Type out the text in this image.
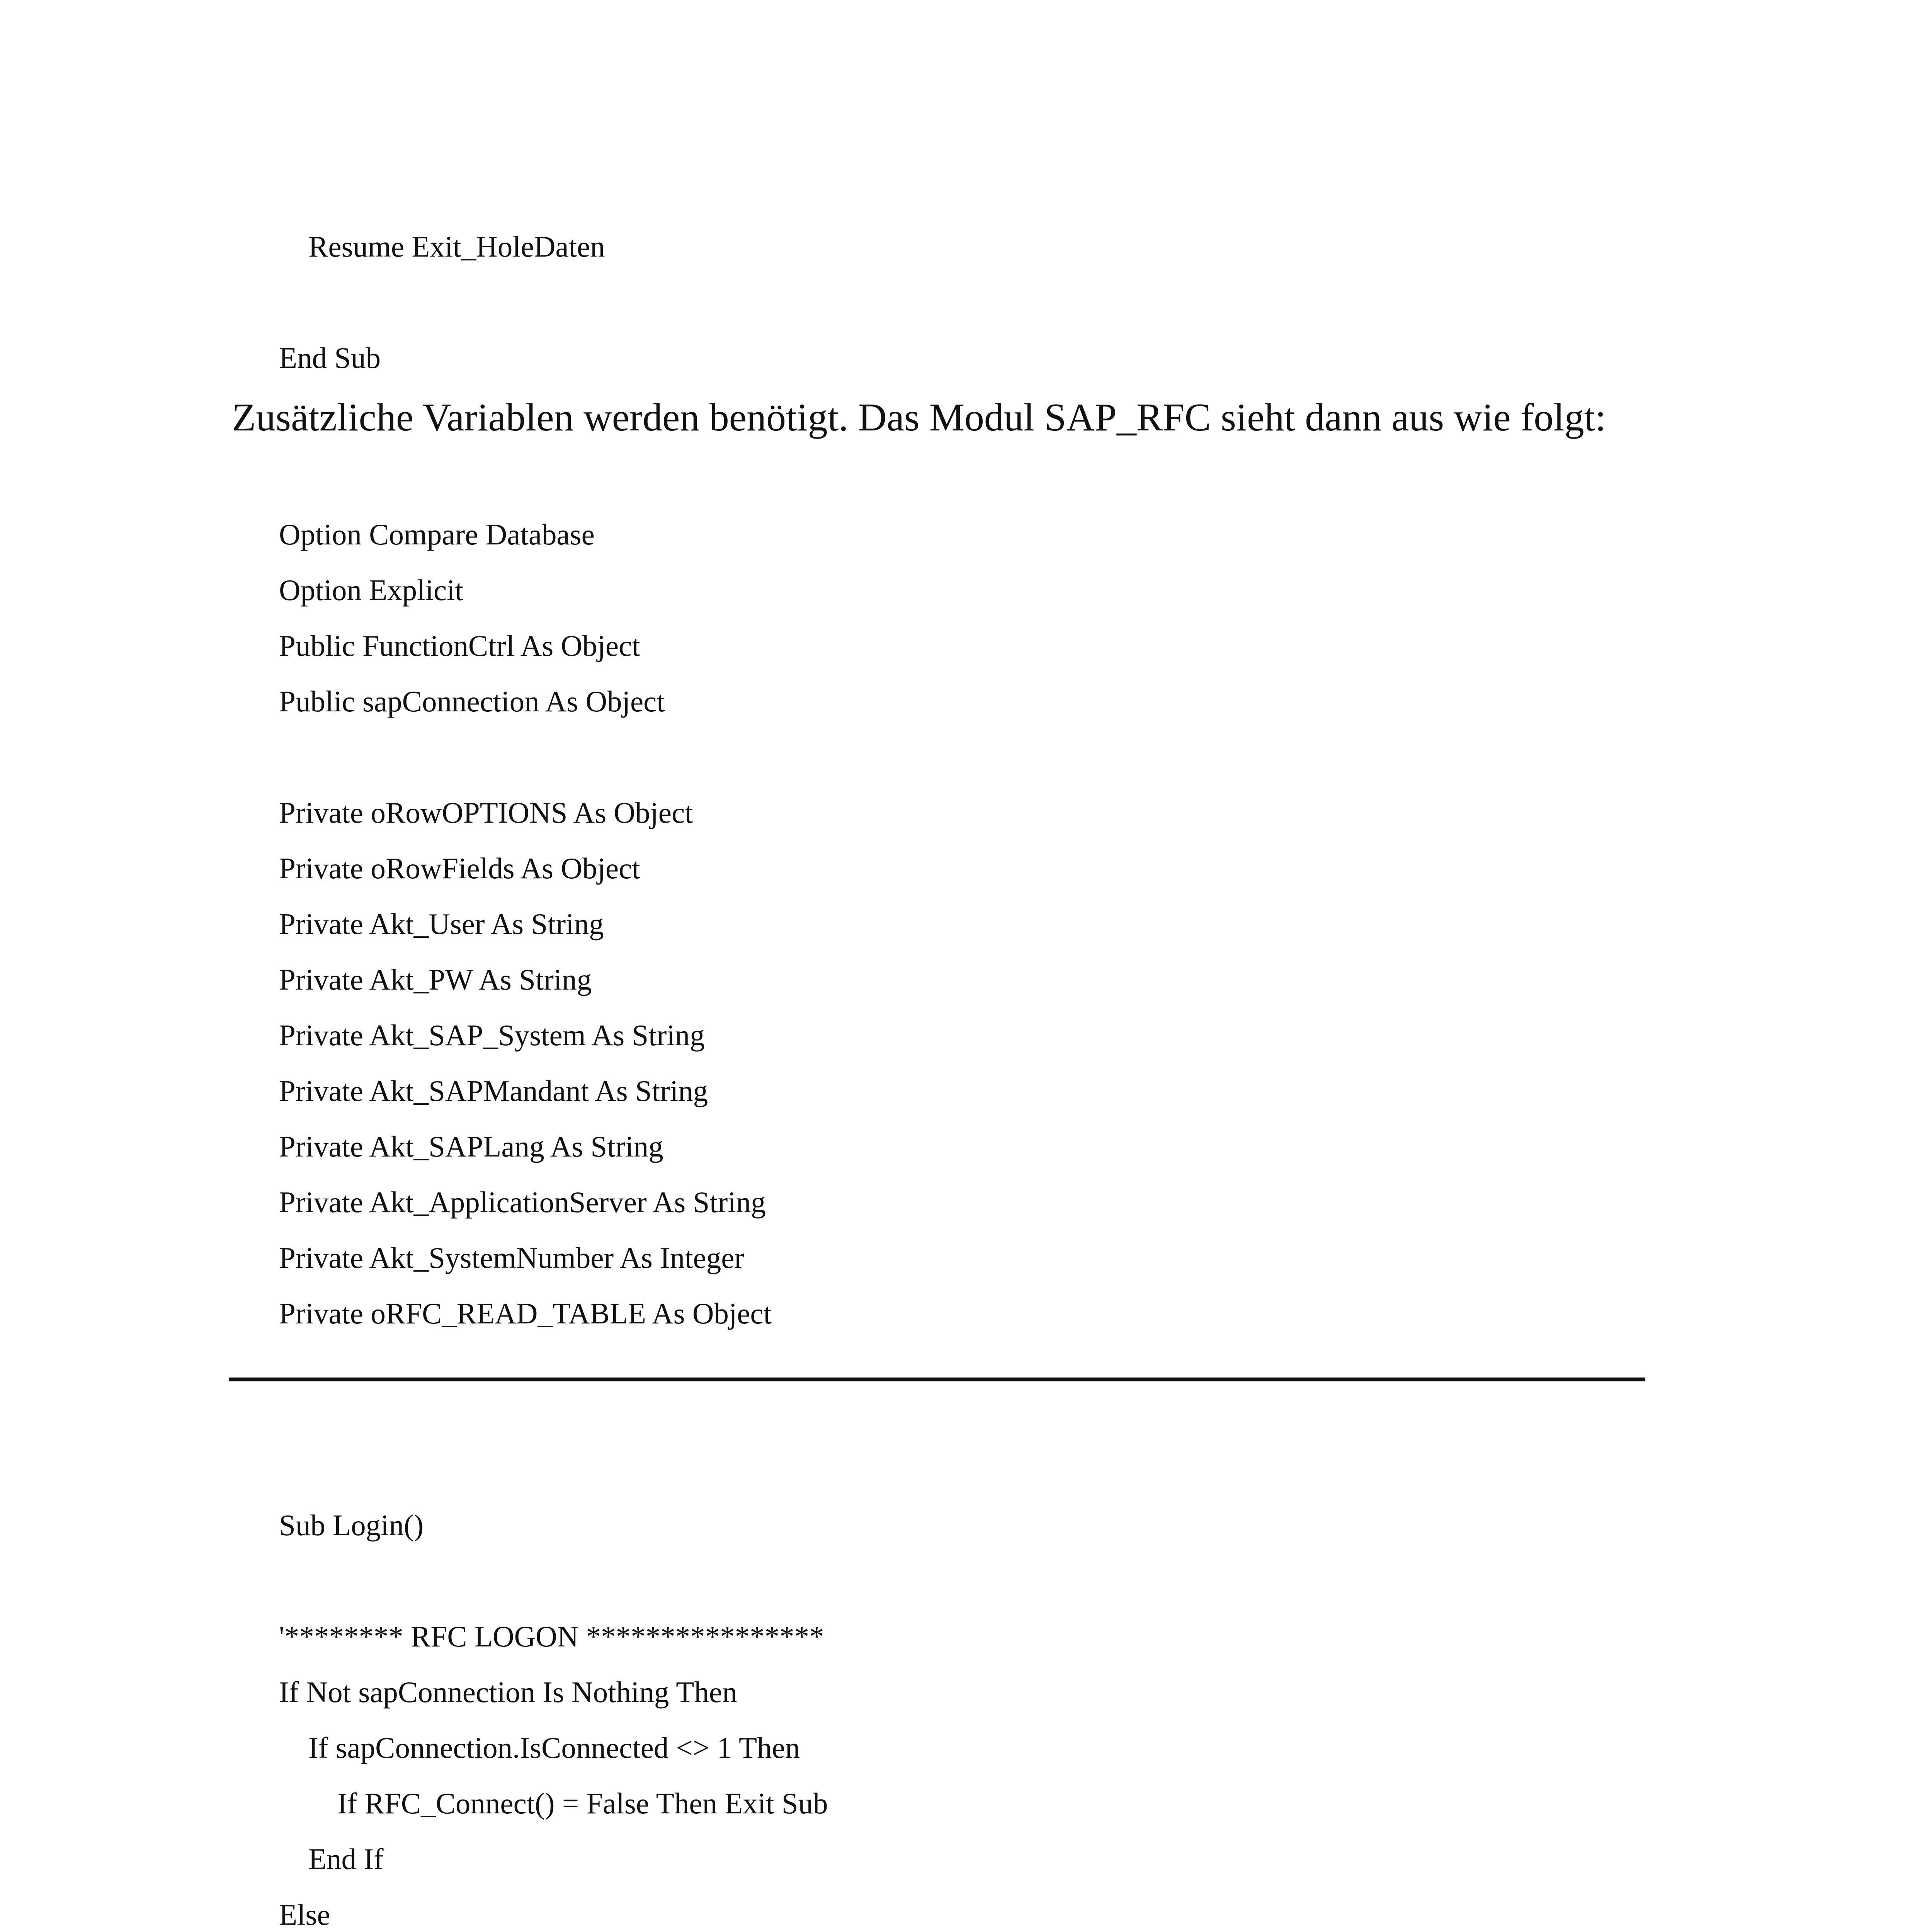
Resume Exit_HoleDaten
End Sub
Zusätzliche Variablen werden benötigt. Das Modul SAP_RFC sieht dann aus wie folgt:
Option Compare Database
Option Explicit
Public FunctionCtrl As Object
Public sapConnection As Object
Private oRowOPTIONS As Object
Private oRowFields As Object
Private Akt_User As String
Private Akt_PW As String
Private Akt_SAP_System As String
Private Akt_SAPMandant As String
Private Akt_SAPLang As String
Private Akt_ApplicationServer As String
Private Akt_SystemNumber As Integer
Private oRFC_READ_TABLE As Object
Sub Login()
'******** RFC LOGON ****************
If Not sapConnection Is Nothing Then
If sapConnection.IsConnected <> 1 Then
If RFC_Connect() = False Then Exit Sub
End If
Else
